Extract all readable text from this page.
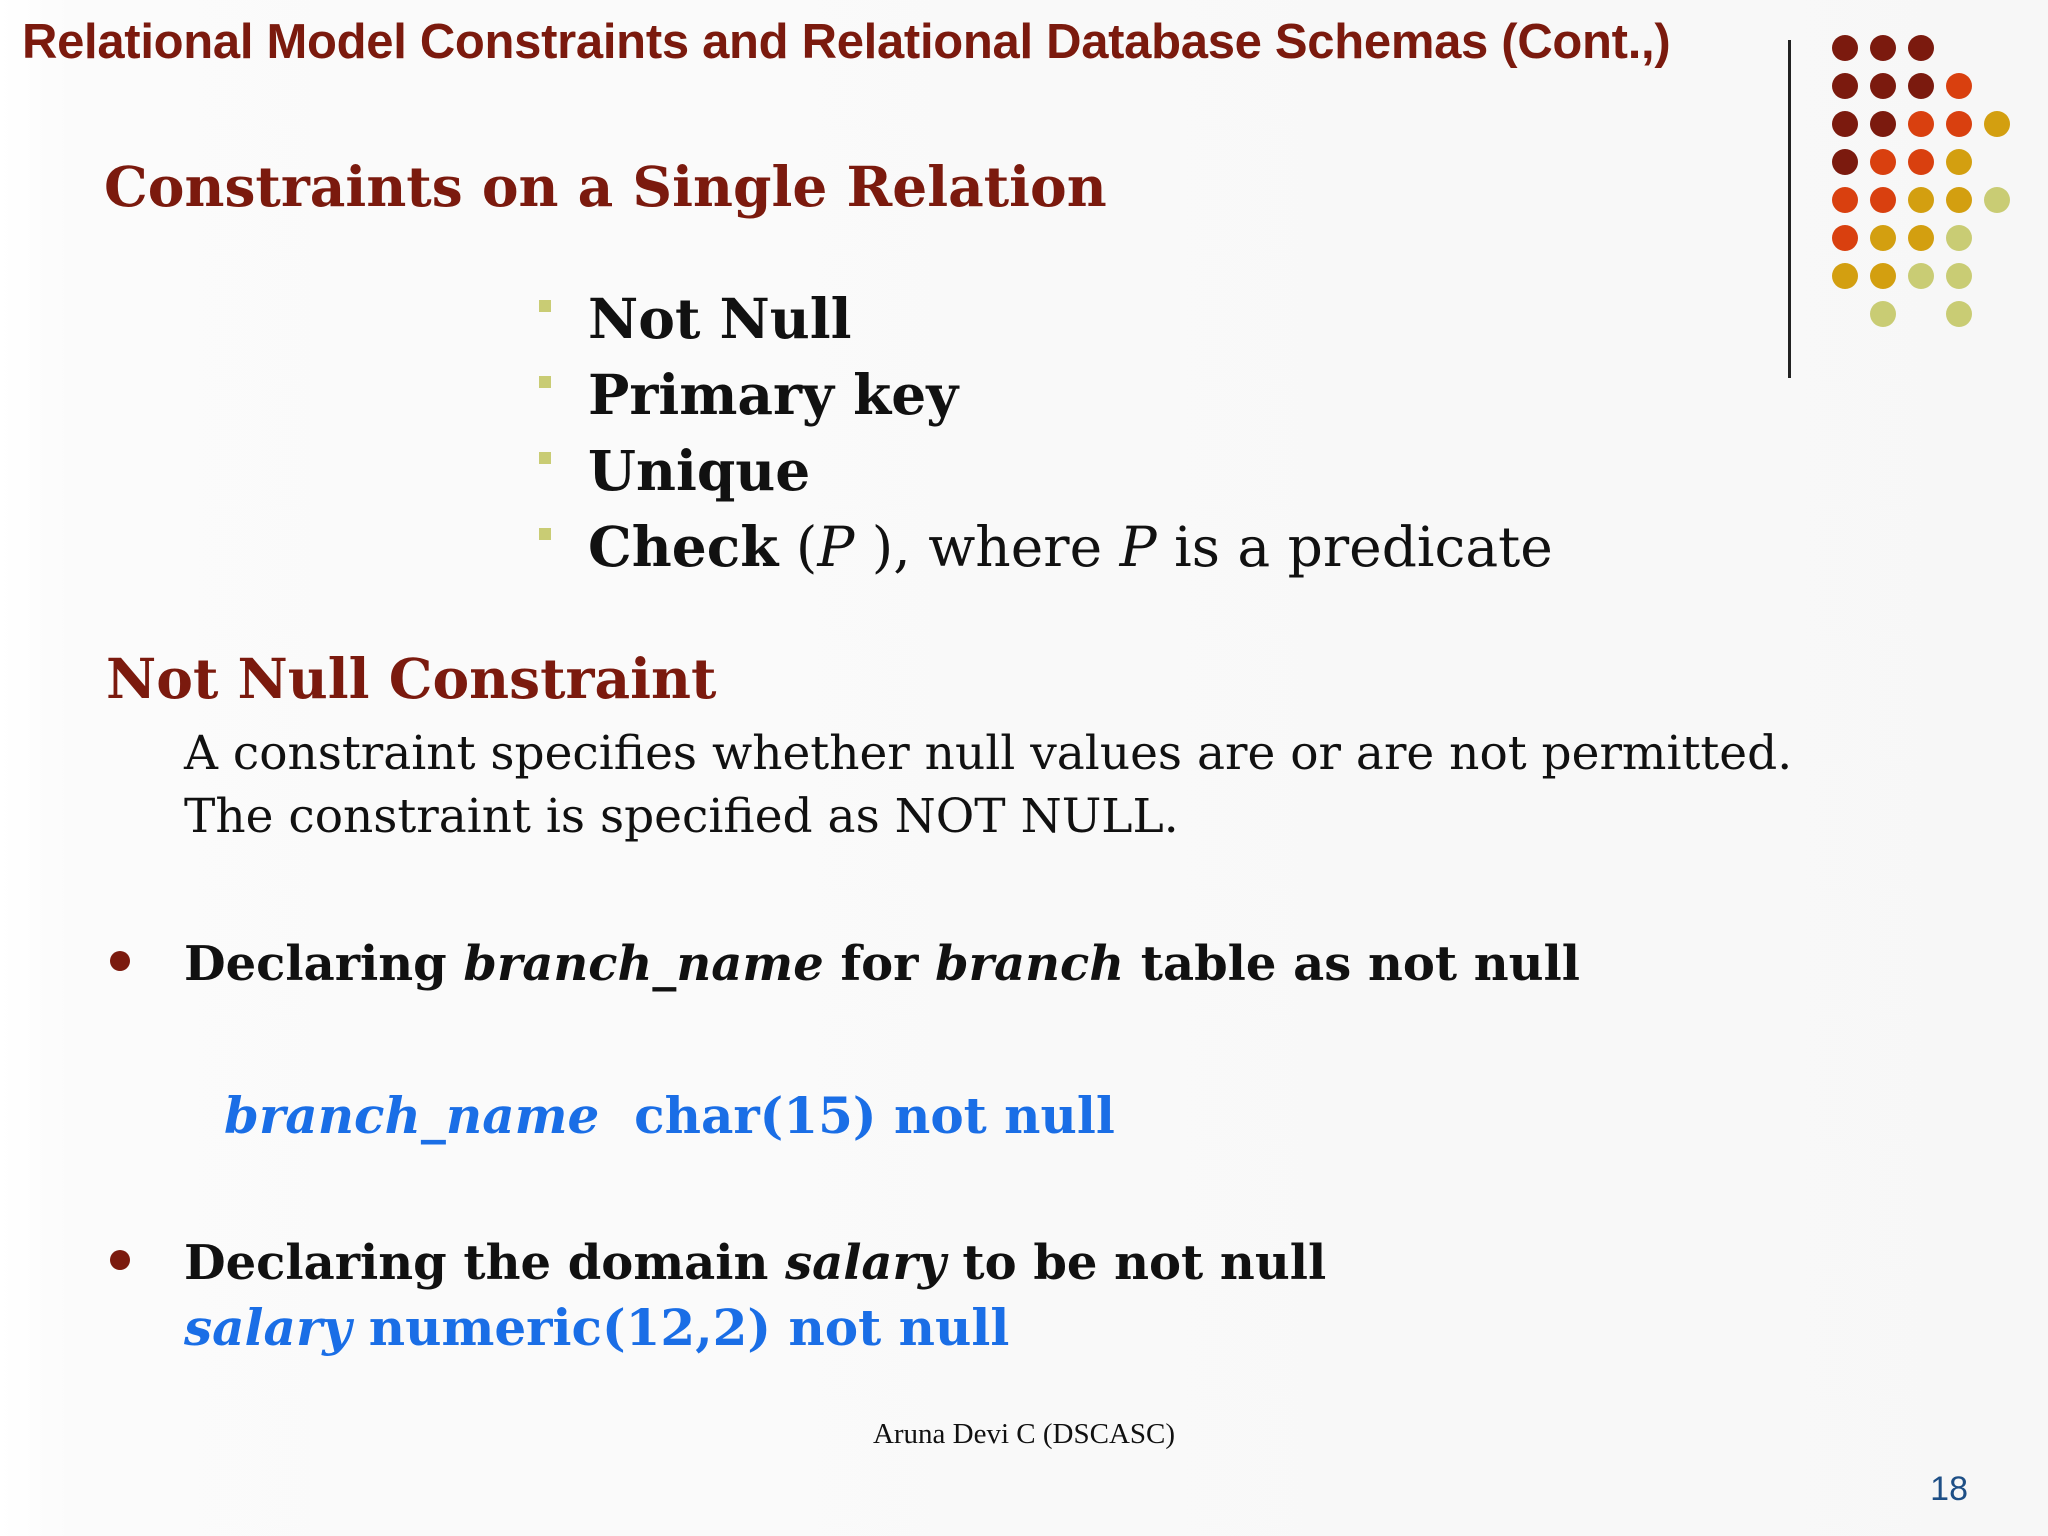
Relational Model Constraints and Relational Database Schemas (Cont.,)
Constraints on a Single Relation
Not Null
Primary key
Unique
Check (P ), where P is a predicate
Not Null Constraint
A constraint specifies whether null values are or are not permitted. The constraint is specified as NOT NULL.
Declaring branch_name for branch table as not null
branch_name  char(15) not null
Declaring the domain salary to be not null
salary numeric(12,2) not null
Aruna Devi C (DSCASC)
18
